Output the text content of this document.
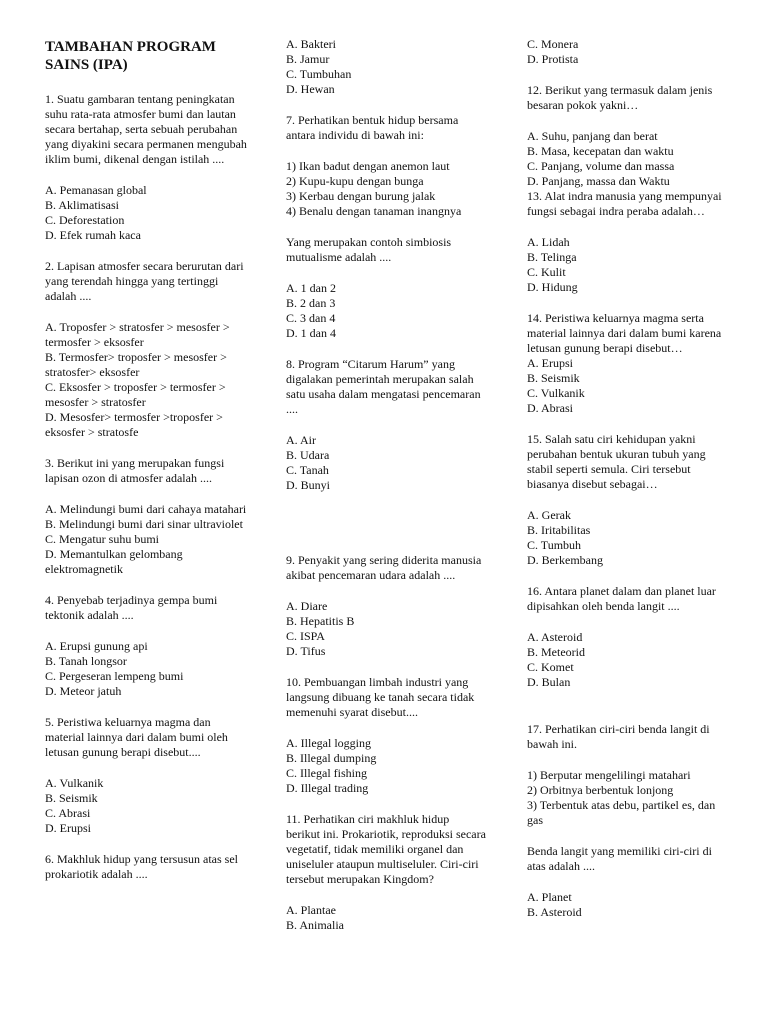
TAMBAHAN PROGRAM SAINS (IPA)
1. Suatu gambaran tentang peningkatan suhu rata-rata atmosfer bumi dan lautan secara bertahap, serta sebuah perubahan yang diyakini secara permanen mengubah iklim bumi, dikenal dengan istilah ....
A. Pemanasan global
B. Aklimatisasi
C. Deforestation
D. Efek rumah kaca
2. Lapisan atmosfer secara berurutan dari yang terendah hingga yang tertinggi adalah ....
A. Troposfer > stratosfer > mesosfer > termosfer > eksosfer
B. Termosfer> troposfer > mesosfer > stratosfer> eksosfer
C. Eksosfer > troposfer > termosfer > mesosfer > stratosfer
D. Mesosfer> termosfer >troposfer > eksosfer > stratosfe
3. Berikut ini yang merupakan fungsi lapisan ozon di atmosfer adalah ....
A. Melindungi bumi dari cahaya matahari
B. Melindungi bumi dari sinar ultraviolet
C. Mengatur suhu bumi
D. Memantulkan gelombang elektromagnetik
4. Penyebab terjadinya gempa bumi tektonik adalah ....
A. Erupsi gunung api
B. Tanah longsor
C. Pergeseran lempeng bumi
D. Meteor jatuh
5. Peristiwa keluarnya magma dan material lainnya dari dalam bumi oleh letusan gunung berapi disebut....
A. Vulkanik
B. Seismik
C. Abrasi
D. Erupsi
6. Makhluk hidup yang tersusun atas sel prokariotik adalah ....
A. Bakteri
B. Jamur
C. Tumbuhan
D. Hewan
7. Perhatikan bentuk hidup bersama antara individu di bawah ini:
1) Ikan badut dengan anemon laut
2) Kupu-kupu dengan bunga
3) Kerbau dengan burung jalak
4) Benalu dengan tanaman inangnya
Yang merupakan contoh simbiosis mutualisme adalah ....
A. 1 dan 2
B. 2 dan 3
C. 3 dan 4
D. 1 dan 4
8. Program “Citarum Harum” yang digalakan pemerintah merupakan salah satu usaha dalam mengatasi pencemaran ....
A. Air
B. Udara
C. Tanah
D. Bunyi
9. Penyakit yang sering diderita manusia akibat pencemaran udara adalah ....
A. Diare
B. Hepatitis B
C. ISPA
D. Tifus
10. Pembuangan limbah industri yang langsung dibuang ke tanah secara tidak memenuhi syarat disebut....
A. Illegal logging
B. Illegal dumping
C. Illegal fishing
D. Illegal trading
11. Perhatikan ciri makhluk hidup berikut ini. Prokariotik, reproduksi secara vegetatif, tidak memiliki organel dan uniseluler ataupun multiseluler. Ciri-ciri tersebut merupakan Kingdom?
A. Plantae
B. Animalia
C. Monera
D. Protista
12. Berikut yang termasuk dalam jenis besaran pokok yakni…
A. Suhu, panjang dan berat
B. Masa, kecepatan dan waktu
C. Panjang, volume dan massa
D. Panjang, massa dan Waktu
13. Alat indra manusia yang mempunyai fungsi sebagai indra peraba adalah…
A. Lidah
B. Telinga
C. Kulit
D. Hidung
14. Peristiwa keluarnya magma serta material lainnya dari dalam bumi karena letusan gunung berapi disebut…
A. Erupsi
B. Seismik
C. Vulkanik
D. Abrasi
15. Salah satu ciri kehidupan yakni perubahan bentuk ukuran tubuh yang stabil seperti semula. Ciri tersebut biasanya disebut sebagai…
A. Gerak
B. Iritabilitas
C. Tumbuh
D. Berkembang
16. Antara planet dalam dan planet luar dipisahkan oleh benda langit ....
A. Asteroid
B. Meteorid
C. Komet
D. Bulan
17. Perhatikan ciri-ciri benda langit di bawah ini.
1) Berputar mengelilingi matahari
2) Orbitnya berbentuk lonjong
3) Terbentuk atas debu, partikel es, dan gas
Benda langit yang memiliki ciri-ciri di atas adalah ....
A. Planet
B. Asteroid
